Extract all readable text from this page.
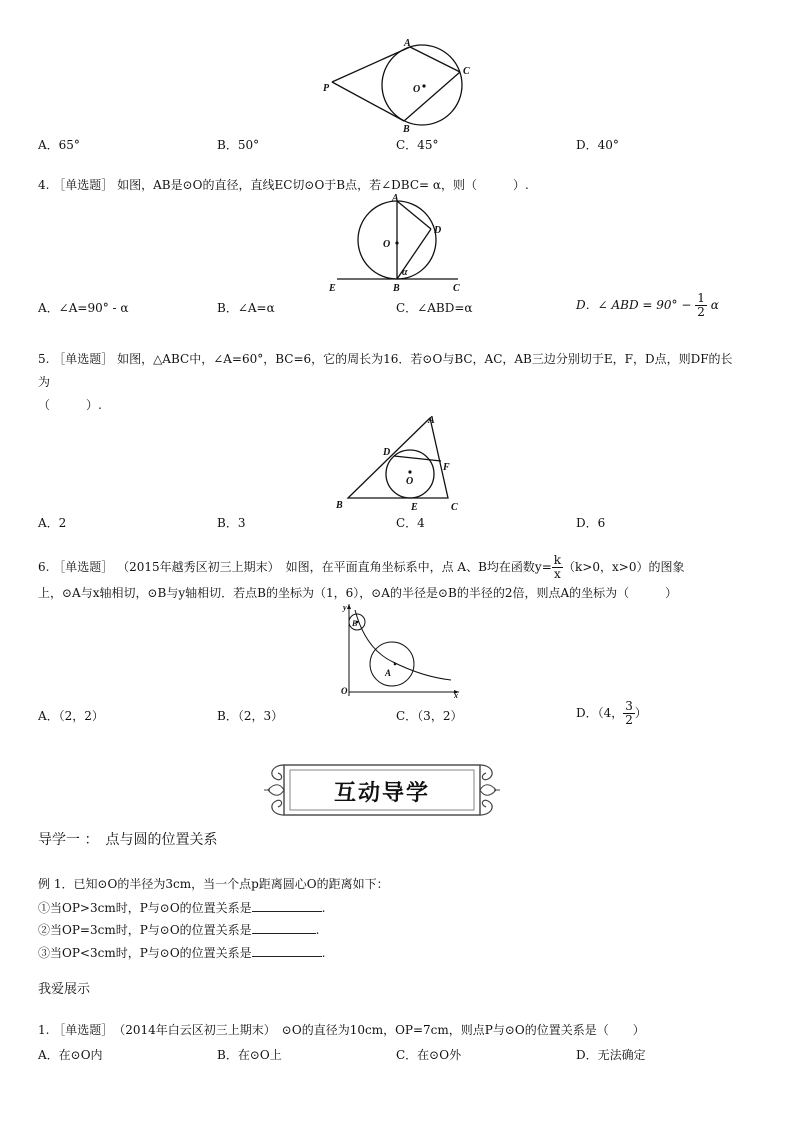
A
C
O
P
B
A．65°	B．50°	C．45°	D．40°
4. ［单选题］ 如图，AB是⊙O的直径，直线EC切⊙O于B点，若∠DBC= α，则（　　　）.
A
O
D
α
E	B	C
A．∠A=90° - α	B．∠A=α	C．∠ABD=α	D．∠ ABD = $90^\circ - \frac{1}{2}$ α
5. ［单选题］ 如图，△ABC中，∠A=60°，BC=6，它的周长为16．若⊙O与BC，AC，AB三边分别切于E，F，D点，则DF的长
为
（　　　）.
A
D
F
O
B	E	C
A．2	B．3	C．4	D．6
6. ［单选题］ （2015年越秀区初三上期末）　如图，在平面直角坐标系中，点 A、B均在函数$y= \frac{k}{x} (k>0$，x>0）的图象
上，⊙A与x轴相切，⊙B与y轴相切．若点B的坐标为（1，6），⊙A的半径是⊙B的半径的2倍，则点A的坐标为（　　　）
y
B
A
O	x
A．（2，2）	B．（2，3）	C．（3，2）	D．（4， $\frac{3}{2}$ ）
互动导学
导学一 ：　点与圆的位置关系
例 1．已知⊙O的半径为3cm，当一个点p距离圆心O的距离如下：
①当OP>3cm时，P与⊙O的位置关系是	.
②当OP=3cm时，P与⊙O的位置关系是	.
③当OP<3cm时，P与⊙O的位置关系是	.
我爱展示
1. ［单选题］　（2014年白云区初三上期末）　⊙O的直径为10cm，OP=7cm，则点P与⊙O的位置关系是（　　）
A．在⊙O内	B．在⊙O上	C．在⊙O外	D．无法确定
